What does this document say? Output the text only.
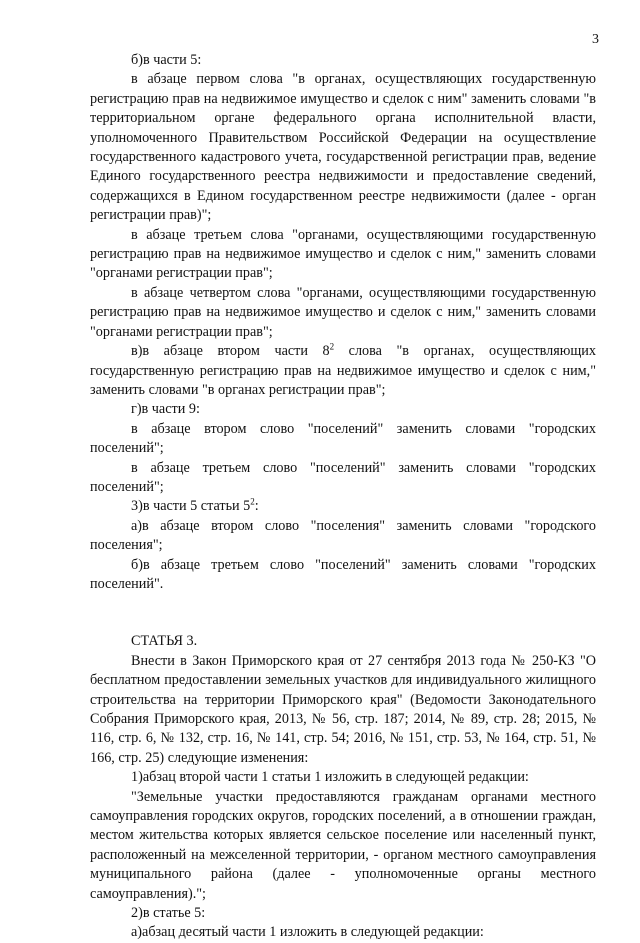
3

б)в части 5:

в абзаце первом слова "в органах, осуществляющих государственную регистрацию прав на недвижимое имущество и сделок с ним" заменить словами "в территориальном органе федерального органа исполнительной власти, уполномоченного Правительством Российской Федерации на осуществление государственного кадастрового учета, государственной регистрации прав, ведение Единого государственного реестра недвижимости и предоставление сведений, содержащихся в Едином государственном реестре недвижимости (далее - орган регистрации прав)";

в абзаце третьем слова "органами, осуществляющими государственную регистрацию прав на недвижимое имущество и сделок с ним," заменить словами "органами регистрации прав";

в абзаце четвертом слова "органами, осуществляющими государственную регистрацию прав на недвижимое имущество и сделок с ним," заменить словами "органами регистрации прав";

в)в абзаце втором части $8^2$ слова "в органах, осуществляющих государственную регистрацию прав на недвижимое имущество и сделок с ним," заменить словами "в органах регистрации прав";

г)в части 9:

в абзаце втором слово "поселений" заменить словами "городских поселений";

в абзаце третьем слово "поселений" заменить словами "городских поселений";

3)в части 5 статьи $5^2$:

а)в абзаце втором слово "поселения" заменить словами "городского поселения";

б)в абзаце третьем слово "поселений" заменить словами "городских поселений".

СТАТЬЯ 3.

Внести в Закон Приморского края от 27 сентября 2013 года № 250-КЗ "О бесплатном предоставлении земельных участков для индивидуального жилищного строительства на территории Приморского края" (Ведомости Законодательного Собрания Приморского края, 2013, № 56, стр. 187; 2014, № 89, стр. 28; 2015, № 116, стр. 6, № 132, стр. 16, № 141, стр. 54; 2016, № 151, стр. 53, № 164, стр. 51, № 166, стр. 25) следующие изменения:

1)абзац второй части 1 статьи 1 изложить в следующей редакции:

"Земельные участки предоставляются гражданам органами местного самоуправления городских округов, городских поселений, а в отношении граждан, местом жительства которых является сельское поселение или населенный пункт, расположенный на межселенной территории, - органом местного самоуправления муниципального района (далее - уполномоченные органы местного самоуправления).";

2)в статье 5:

а)абзац десятый части 1 изложить в следующей редакции:
